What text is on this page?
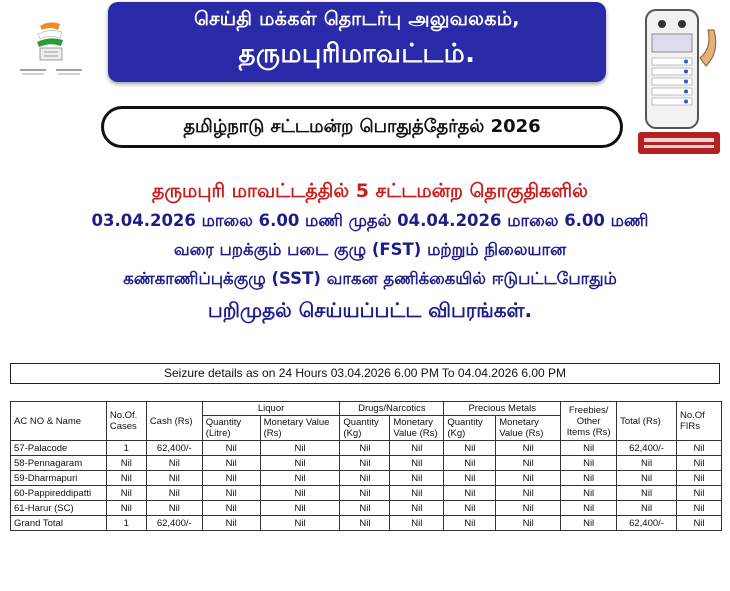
செய்தி மக்கள் தொடர்பு அலுவலகம்,
தருமபுரிமாவட்டம்.
தமிழ்நாடு சட்டமன்ற பொதுத்தேர்தல் 2026
தருமபுரி மாவட்டத்தில் 5 சட்டமன்ற தொகுதிகளில்
03.04.2026 மாலை 6.00 மணி முதல் 04.04.2026 மாலை 6.00 மணி
வரை பறக்கும் படை குழு (FST) மற்றும் நிலையான
கண்காணிப்புக்குழு (SST) வாகன தணிக்கையில் ஈடுபட்டபோதும்
பறிமுதல் செய்யப்பட்ட விபரங்கள்.
Seizure details as on 24 Hours 03.04.2026 6.00 PM To 04.04.2026 6.00 PM
AC NO & Name	No.Of. Cases	Cash (Rs)	Liquor		Drugs/Narcotics		Precious Metals		Freebies/ Other Items (Rs)	Total (Rs)	No.Of FIRs
			Quantity (Litre)	Monetary Value (Rs)	Quantity (Kg)	Monetary Value (Rs)	Quantity (Kg)	Monetary Value (Rs)			
57-Palacode	1	62,400/-	Nil	Nil	Nil	Nil	Nil	Nil	Nil	62,400/-	Nil
58-Pennagaram	Nil	Nil	Nil	Nil	Nil	Nil	Nil	Nil	Nil	Nil	Nil
59-Dharmapuri	Nil	Nil	Nil	Nil	Nil	Nil	Nil	Nil	Nil	Nil	Nil
60-Pappireddipatti	Nil	Nil	Nil	Nil	Nil	Nil	Nil	Nil	Nil	Nil	Nil
61-Harur (SC)	Nil	Nil	Nil	Nil	Nil	Nil	Nil	Nil	Nil	Nil	Nil
Grand Total	1	62,400/-	Nil	Nil	Nil	Nil	Nil	Nil	Nil	62,400/-	Nil
